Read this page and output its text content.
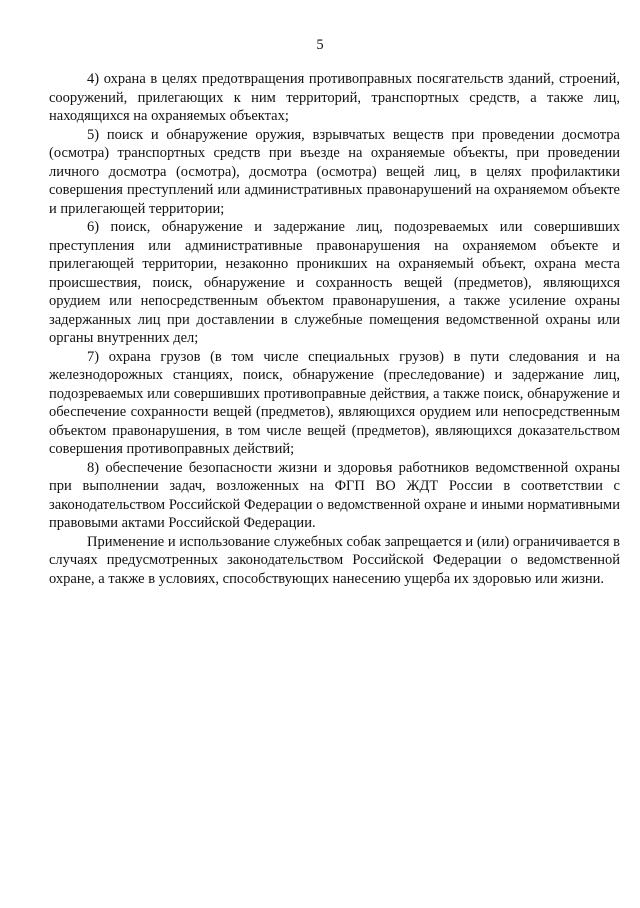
5

4) охрана в целях предотвращения противоправных посягательств зданий, строений, сооружений, прилегающих к ним территорий, транспортных средств, а также лиц, находящихся на охраняемых объектах;

5) поиск и обнаружение оружия, взрывчатых веществ при проведении досмотра (осмотра) транспортных средств при въезде на охраняемые объекты, при проведении личного досмотра (осмотра), досмотра (осмотра) вещей лиц, в целях профилактики совершения преступлений или административных правонарушений на охраняемом объекте и прилегающей территории;

6) поиск, обнаружение и задержание лиц, подозреваемых или совершивших преступления или административные правонарушения на охраняемом объекте и прилегающей территории, незаконно проникших на охраняемый объект, охрана места происшествия, поиск, обнаружение и сохранность вещей (предметов), являющихся орудием или непосредственным объектом правонарушения, а также усиление охраны задержанных лиц при доставлении в служебные помещения ведомственной охраны или органы внутренних дел;

7) охрана грузов (в том числе специальных грузов) в пути следования и на железнодорожных станциях, поиск, обнаружение (преследование) и задержание лиц, подозреваемых или совершивших противоправные действия, а также поиск, обнаружение и обеспечение сохранности вещей (предметов), являющихся орудием или непосредственным объектом правонарушения, в том числе вещей (предметов), являющихся доказательством совершения противоправных действий;

8) обеспечение безопасности жизни и здоровья работников ведомственной охраны при выполнении задач, возложенных на ФГП ВО ЖДТ России в соответствии с законодательством Российской Федерации о ведомственной охране и иными нормативными правовыми актами Российской Федерации.

Применение и использование служебных собак запрещается и (или) ограничивается в случаях предусмотренных законодательством Российской Федерации о ведомственной охране, а также в условиях, способствующих нанесению ущерба их здоровью или жизни.
